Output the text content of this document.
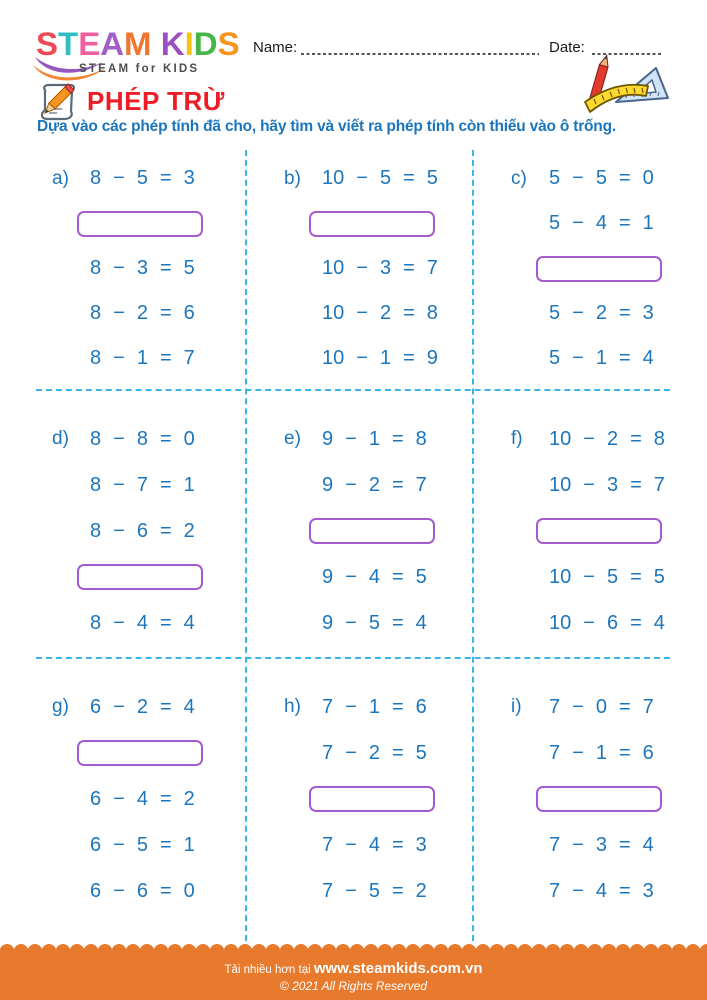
STEAM KIDS
STEAM for KIDS
Name:	Date:
PHÉP TRỪ
Dựa vào các phép tính đã cho, hãy tìm và viết ra phép tính còn thiếu vào ô trống.
a)	8 − 5 = 3
8 − 3 = 5
8 − 2 = 6
8 − 1 = 7
b)	10 − 5 = 5
10 − 3 = 7
10 − 2 = 8
10 − 1 = 9
c)	5 − 5 = 0
5 − 4 = 1
5 − 2 = 3
5 − 1 = 4
d)	8 − 8 = 0
8 − 7 = 1
8 − 6 = 2
8 − 4 = 4
e)	9 − 1 = 8
9 − 2 = 7
9 − 4 = 5
9 − 5 = 4
f)	10 − 2 = 8
10 − 3 = 7
10 − 5 = 5
10 − 6 = 4
g)	6 − 2 = 4
6 − 4 = 2
6 − 5 = 1
6 − 6 = 0
h)	7 − 1 = 6
7 − 2 = 5
7 − 4 = 3
7 − 5 = 2
i)	7 − 0 = 7
7 − 1 = 6
7 − 3 = 4
7 − 4 = 3
Tải nhiều hơn tại www.steamkids.com.vn
© 2021 All Rights Reserved
